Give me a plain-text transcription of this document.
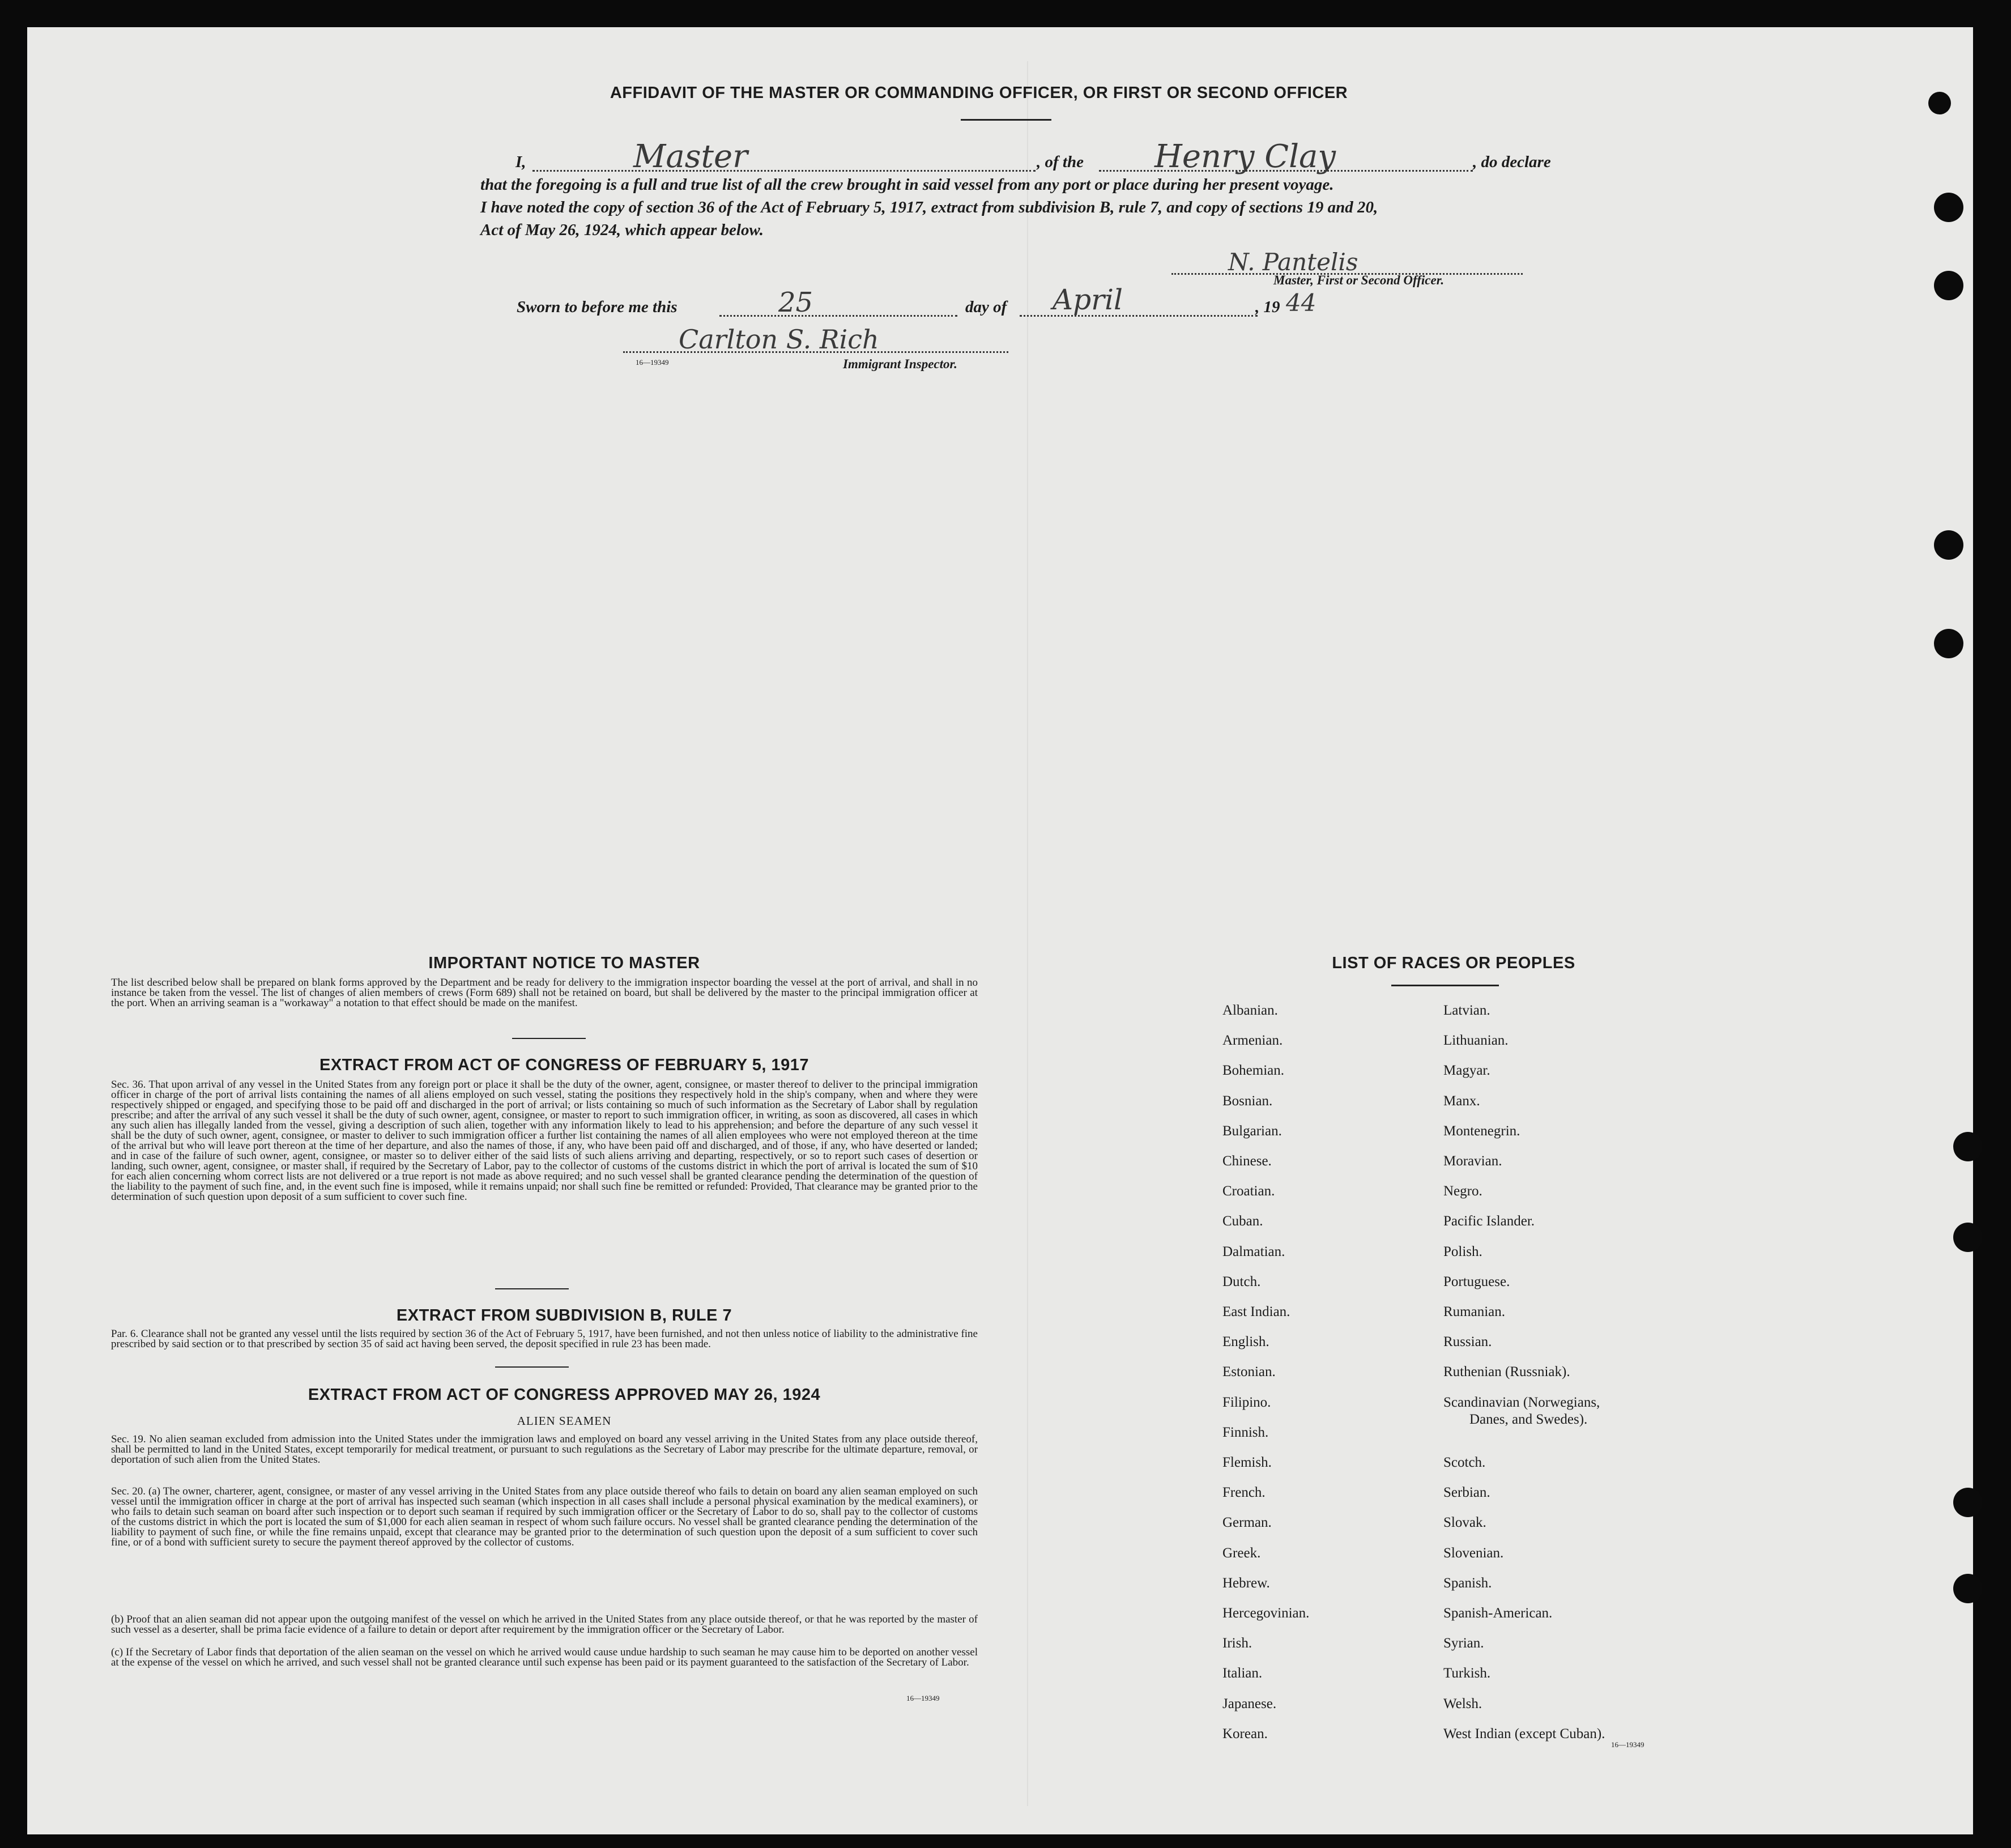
AFFIDAVIT OF THE MASTER OR COMMANDING OFFICER, OR FIRST OR SECOND OFFICER
I,	Master	, of the Henry Clay	, do declare
that the foregoing is a full and true list of all the crew brought in said vessel from any port or place during her present voyage.
I have noted the copy of section 36 of the Act of February 5, 1917, extract from subdivision B, rule 7, and copy of sections 19 and 20,
Act of May 26, 1924, which appear below.
N. Pantelis
Master, First or Second Officer.
Sworn to before me this	25	day of April	, 19 44
Carlton S. Rich
16—19349	Immigrant Inspector.
IMPORTANT NOTICE TO MASTER
The list described below shall be prepared on blank forms approved by the Department and be ready for delivery to the immigration inspector boarding the vessel at the port of arrival, and shall in no instance be taken from the vessel. The list of changes of alien members of crews (Form 689) shall not be retained on board, but shall be delivered by the master to the principal immigration officer at the port. When an arriving seaman is a "workaway" a notation to that effect should be made on the manifest.
EXTRACT FROM ACT OF CONGRESS OF FEBRUARY 5, 1917
Sec. 36. That upon arrival of any vessel in the United States from any foreign port or place it shall be the duty of the owner, agent, consignee, or master thereof to deliver to the principal immigration officer in charge of the port of arrival lists containing the names of all aliens employed on such vessel, stating the positions they respectively hold in the ship's company, when and where they were respectively shipped or engaged, and specifying those to be paid off and discharged in the port of arrival; or lists containing so much of such information as the Secretary of Labor shall by regulation prescribe; and after the arrival of any such vessel it shall be the duty of such owner, agent, consignee, or master to report to such immigration officer, in writing, as soon as discovered, all cases in which any such alien has illegally landed from the vessel, giving a description of such alien, together with any information likely to lead to his apprehension; and before the departure of any such vessel it shall be the duty of such owner, agent, consignee, or master to deliver to such immigration officer a further list containing the names of all alien employees who were not employed thereon at the time of the arrival but who will leave port thereon at the time of her departure, and also the names of those, if any, who have been paid off and discharged, and of those, if any, who have deserted or landed; and in case of the failure of such owner, agent, consignee, or master so to deliver either of the said lists of such aliens arriving and departing, respectively, or so to report such cases of desertion or landing, such owner, agent, consignee, or master shall, if required by the Secretary of Labor, pay to the collector of customs of the customs district in which the port of arrival is located the sum of $10 for each alien concerning whom correct lists are not delivered or a true report is not made as above required; and no such vessel shall be granted clearance pending the determination of the question of the liability to the payment of such fine, and, in the event such fine is imposed, while it remains unpaid; nor shall such fine be remitted or refunded: Provided, That clearance may be granted prior to the determination of such question upon deposit of a sum sufficient to cover such fine.
EXTRACT FROM SUBDIVISION B, RULE 7
Par. 6. Clearance shall not be granted any vessel until the lists required by section 36 of the Act of February 5, 1917, have been furnished, and not then unless notice of liability to the administrative fine prescribed by said section or to that prescribed by section 35 of said act having been served, the deposit specified in rule 23 has been made.
EXTRACT FROM ACT OF CONGRESS APPROVED MAY 26, 1924
ALIEN SEAMEN
Sec. 19. No alien seaman excluded from admission into the United States under the immigration laws and employed on board any vessel arriving in the United States from any place outside thereof, shall be permitted to land in the United States, except temporarily for medical treatment, or pursuant to such regulations as the Secretary of Labor may prescribe for the ultimate departure, removal, or deportation of such alien from the United States.
Sec. 20. (a) The owner, charterer, agent, consignee, or master of any vessel arriving in the United States from any place outside thereof who fails to detain on board any alien seaman employed on such vessel until the immigration officer in charge at the port of arrival has inspected such seaman (which inspection in all cases shall include a personal physical examination by the medical examiners), or who fails to detain such seaman on board after such inspection or to deport such seaman if required by such immigration officer or the Secretary of Labor to do so, shall pay to the collector of customs of the customs district in which the port is located the sum of $1,000 for each alien seaman in respect of whom such failure occurs. No vessel shall be granted clearance pending the determination of the liability to payment of such fine, or while the fine remains unpaid, except that clearance may be granted prior to the determination of such question upon the deposit of a sum sufficient to cover such fine, or of a bond with sufficient surety to secure the payment thereof approved by the collector of customs.
(b) Proof that an alien seaman did not appear upon the outgoing manifest of the vessel on which he arrived in the United States from any place outside thereof, or that he was reported by the master of such vessel as a deserter, shall be prima facie evidence of a failure to detain or deport after requirement by the immigration officer or the Secretary of Labor.
(c) If the Secretary of Labor finds that deportation of the alien seaman on the vessel on which he arrived would cause undue hardship to such seaman he may cause him to be deported on another vessel at the expense of the vessel on which he arrived, and such vessel shall not be granted clearance until such expense has been paid or its payment guaranteed to the satisfaction of the Secretary of Labor.
16—19349
LIST OF RACES OR PEOPLES
16—19349
Albanian.
Armenian.
Bohemian.
Bosnian.
Bulgarian.
Chinese.
Croatian.
Cuban.
Dalmatian.
Dutch.
East Indian.
English.
Estonian.
Filipino.
Finnish.
Flemish.
French.
German.
Greek.
Hebrew.
Hercegovinian.
Irish.
Italian.
Japanese.
Korean.
Latvian.
Lithuanian.
Magyar.
Manx.
Montenegrin.
Moravian.
Negro.
Pacific Islander.
Polish.
Portuguese.
Rumanian.
Russian.
Ruthenian (Russniak).
Scandinavian (Norwegians,
Danes, and Swedes).
Scotch.
Serbian.
Slovak.
Slovenian.
Spanish.
Spanish-American.
Syrian.
Turkish.
Welsh.
West Indian (except Cuban).
